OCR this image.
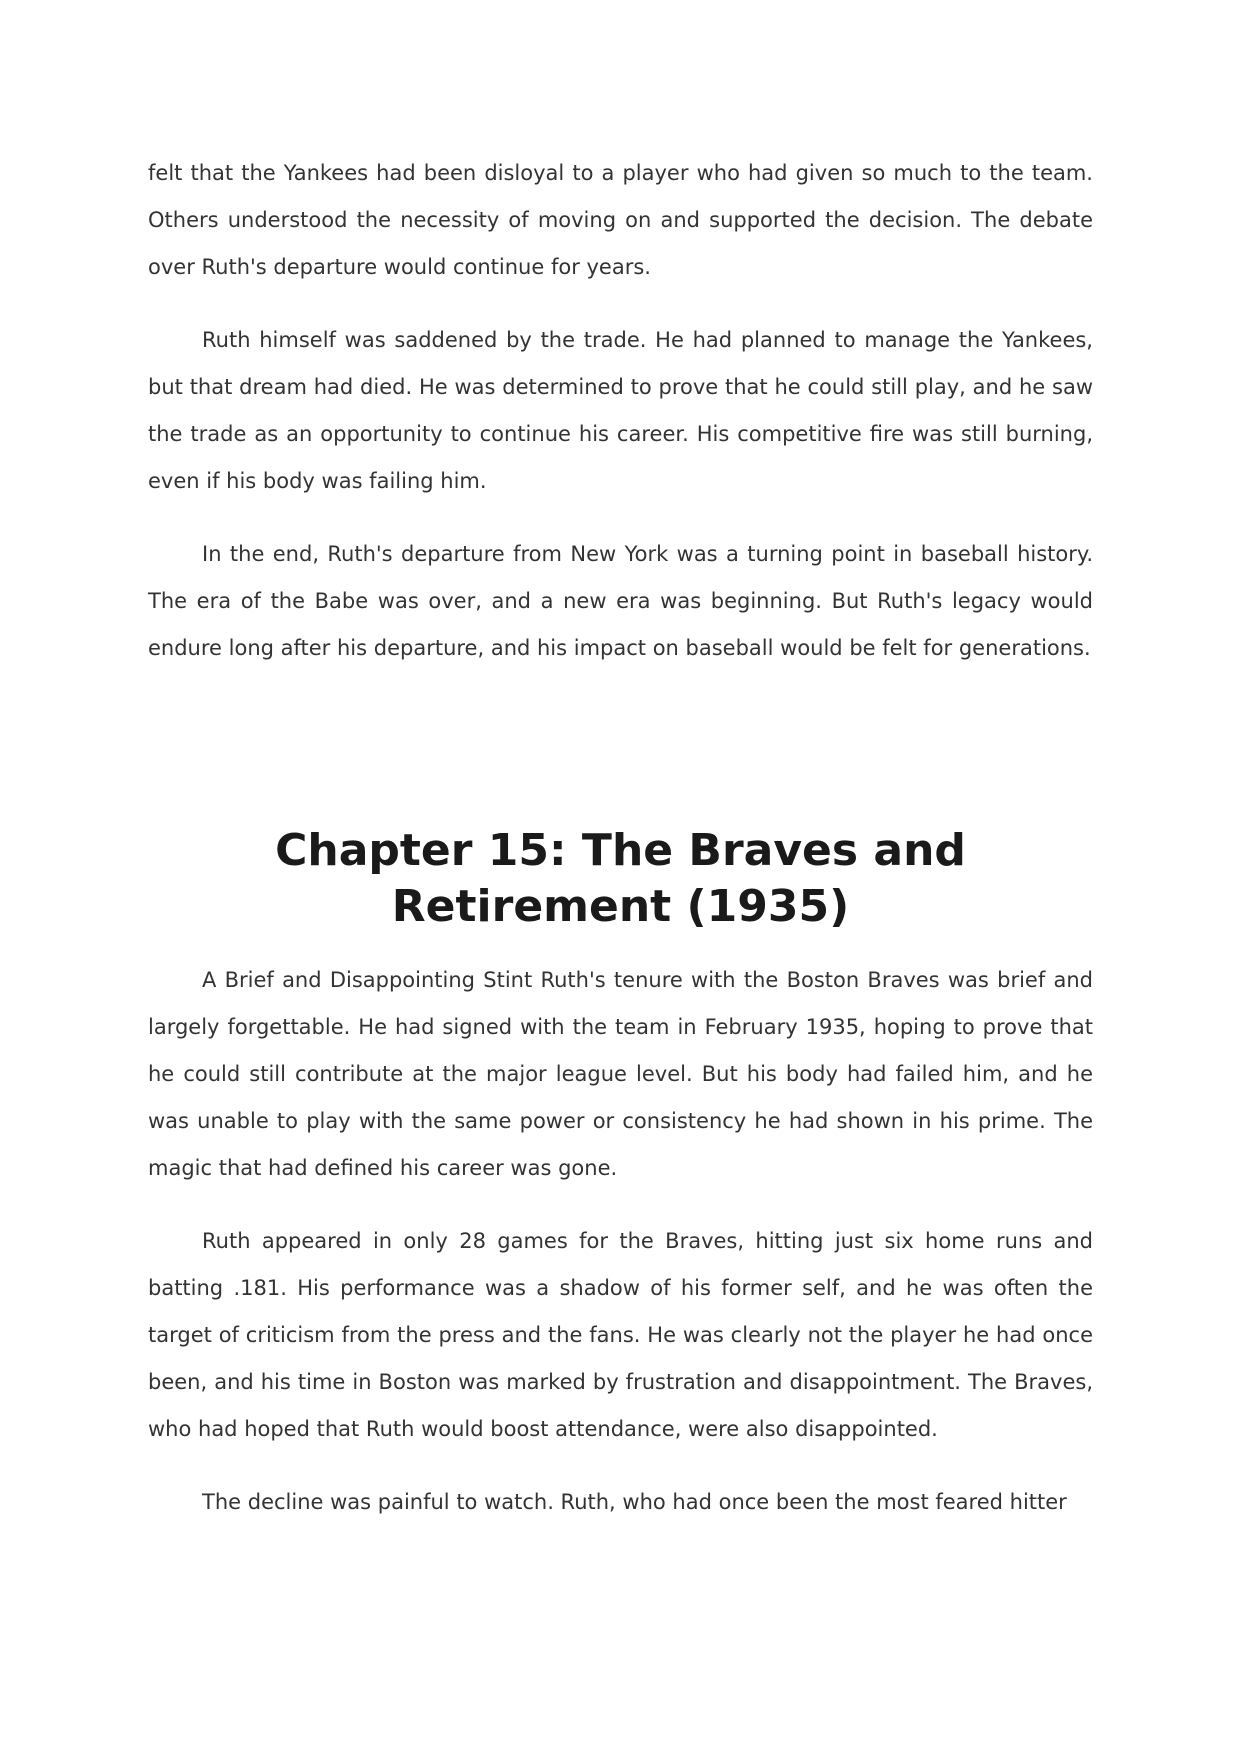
felt that the Yankees had been disloyal to a player who had given so much to the team. Others understood the necessity of moving on and supported the decision. The debate over Ruth's departure would continue for years.

Ruth himself was saddened by the trade. He had planned to manage the Yankees, but that dream had died. He was determined to prove that he could still play, and he saw the trade as an opportunity to continue his career. His competitive fire was still burning, even if his body was failing him.

In the end, Ruth's departure from New York was a turning point in baseball history. The era of the Babe was over, and a new era was beginning. But Ruth's legacy would endure long after his departure, and his impact on baseball would be felt for generations.

Chapter 15: The Braves and Retirement (1935)

A Brief and Disappointing Stint Ruth's tenure with the Boston Braves was brief and largely forgettable. He had signed with the team in February 1935, hoping to prove that he could still contribute at the major league level. But his body had failed him, and he was unable to play with the same power or consistency he had shown in his prime. The magic that had defined his career was gone.

Ruth appeared in only 28 games for the Braves, hitting just six home runs and batting .181. His performance was a shadow of his former self, and he was often the target of criticism from the press and the fans. He was clearly not the player he had once been, and his time in Boston was marked by frustration and disappointment. The Braves, who had hoped that Ruth would boost attendance, were also disappointed.

The decline was painful to watch. Ruth, who had once been the most feared hitter
